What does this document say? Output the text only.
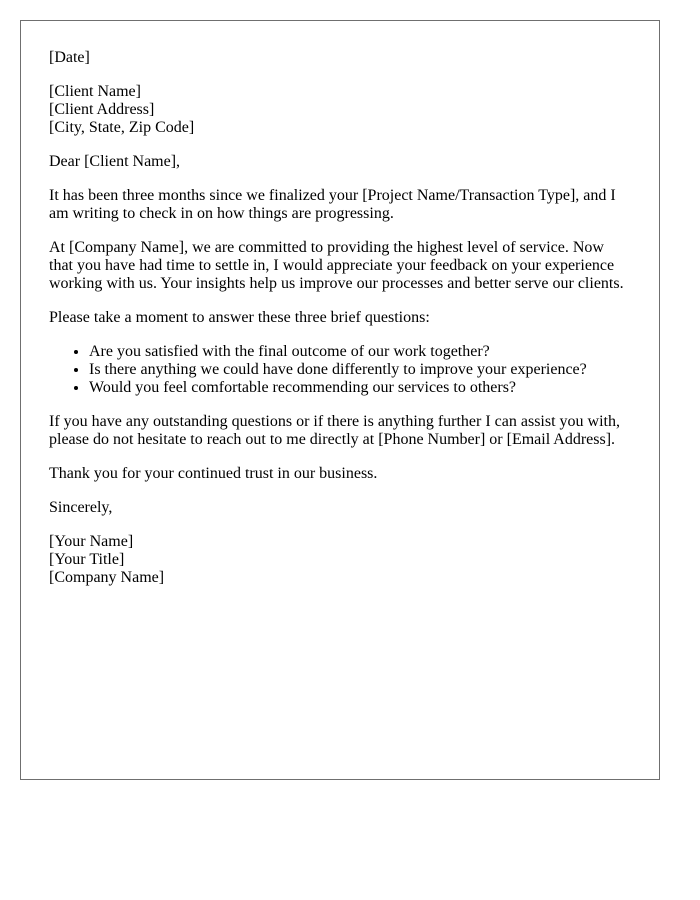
[Date]
[Client Name]
[Client Address]
[City, State, Zip Code]

Dear [Client Name],

It has been three months since we finalized your [Project Name/Transaction Type], and I am writing to check in on how things are progressing.

At [Company Name], we are committed to providing the highest level of service. Now that you have had time to settle in, I would appreciate your feedback on your experience working with us. Your insights help us improve our processes and better serve our clients.

Please take a moment to answer these three brief questions:

• Are you satisfied with the final outcome of our work together?
• Is there anything we could have done differently to improve your experience?
• Would you feel comfortable recommending our services to others?

If you have any outstanding questions or if there is anything further I can assist you with, please do not hesitate to reach out to me directly at [Phone Number] or [Email Address].

Thank you for your continued trust in our business.

Sincerely,

[Your Name]
[Your Title]
[Company Name]
